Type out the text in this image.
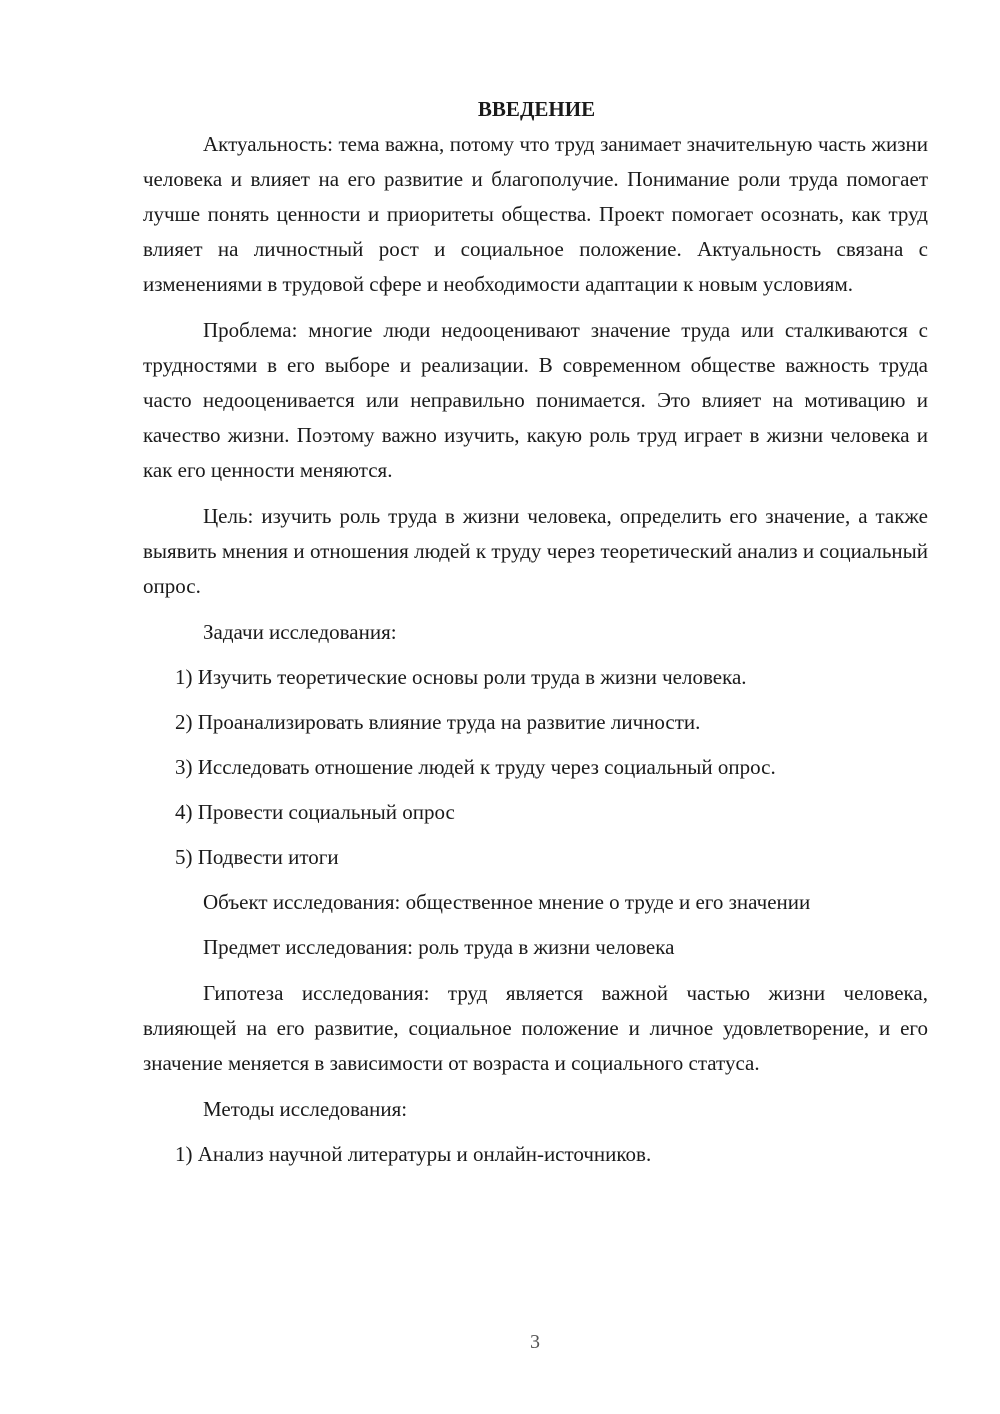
ВВЕДЕНИЕ

Актуальность: тема важна, потому что труд занимает значительную часть жизни человека и влияет на его развитие и благополучие. Понимание роли труда помогает лучше понять ценности и приоритеты общества. Проект помогает осознать, как труд влияет на личностный рост и социальное положение. Актуальность связана с изменениями в трудовой сфере и необходимости адаптации к новым условиям.

Проблема: многие люди недооценивают значение труда или сталкиваются с трудностями в его выборе и реализации. В современном обществе важность труда часто недооценивается или неправильно понимается. Это влияет на мотивацию и качество жизни. Поэтому важно изучить, какую роль труд играет в жизни человека и как его ценности меняются.

Цель: изучить роль труда в жизни человека, определить его значение, а также выявить мнения и отношения людей к труду через теоретический анализ и социальный опрос.

Задачи исследования:

1) Изучить теоретические основы роли труда в жизни человека.
2) Проанализировать влияние труда на развитие личности.
3) Исследовать отношение людей к труду через социальный опрос.
4) Провести социальный опрос
5) Подвести итоги

Объект исследования: общественное мнение о труде и его значении

Предмет исследования: роль труда в жизни человека

Гипотеза исследования: труд является важной частью жизни человека, влияющей на его развитие, социальное положение и личное удовлетворение, и его значение меняется в зависимости от возраста и социального статуса.

Методы исследования:

1) Анализ научной литературы и онлайн-источников.
3
